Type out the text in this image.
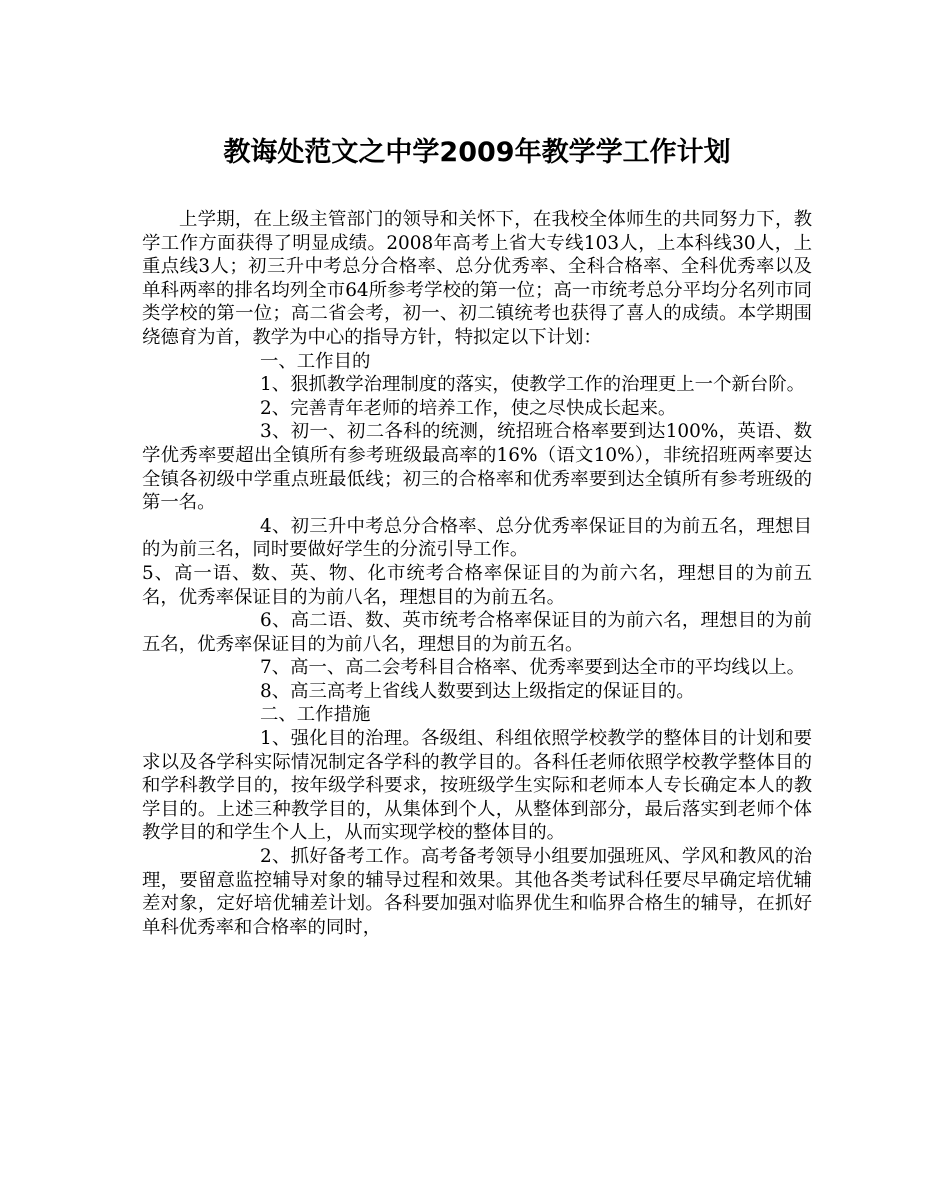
教诲处范文之中学2009年教学学工作计划

上学期，在上级主管部门的领导和关怀下，在我校全体师生的共同努力下，教学工作方面获得了明显成绩。2008年高考上省大专线103人，上本科线30人，上重点线3人；初三升中考总分合格率、总分优秀率、全科合格率、全科优秀率以及单科两率的排名均列全市64所参考学校的第一位；高一市统考总分平均分名列市同类学校的第一位；高二省会考，初一、初二镇统考也获得了喜人的成绩。本学期围绕德育为首，教学为中心的指导方针，特拟定以下计划：

一、工作目的

1、狠抓教学治理制度的落实，使教学工作的治理更上一个新台阶。

2、完善青年老师的培养工作，使之尽快成长起来。

3、初一、初二各科的统测，统招班合格率要到达100%，英语、数学优秀率要超出全镇所有参考班级最高率的16%（语文10%），非统招班两率要达全镇各初级中学重点班最低线；初三的合格率和优秀率要到达全镇所有参考班级的第一名。

4、初三升中考总分合格率、总分优秀率保证目的为前五名，理想目的为前三名，同时要做好学生的分流引导工作。

5、高一语、数、英、物、化市统考合格率保证目的为前六名，理想目的为前五名，优秀率保证目的为前八名，理想目的为前五名。

6、高二语、数、英市统考合格率保证目的为前六名，理想目的为前五名，优秀率保证目的为前八名，理想目的为前五名。

7、高一、高二会考科目合格率、优秀率要到达全市的平均线以上。

8、高三高考上省线人数要到达上级指定的保证目的。

二、工作措施

1、强化目的治理。各级组、科组依照学校教学的整体目的计划和要求以及各学科实际情况制定各学科的教学目的。各科任老师依照学校教学整体目的和学科教学目的，按年级学科要求，按班级学生实际和老师本人专长确定本人的教学目的。上述三种教学目的，从集体到个人，从整体到部分，最后落实到老师个体教学目的和学生个人上，从而实现学校的整体目的。

2、抓好备考工作。高考备考领导小组要加强班风、学风和教风的治理，要留意监控辅导对象的辅导过程和效果。其他各类考试科任要尽早确定培优辅差对象，定好培优辅差计划。各科要加强对临界优生和临界合格生的辅导，在抓好单科优秀率和合格率的同时，
